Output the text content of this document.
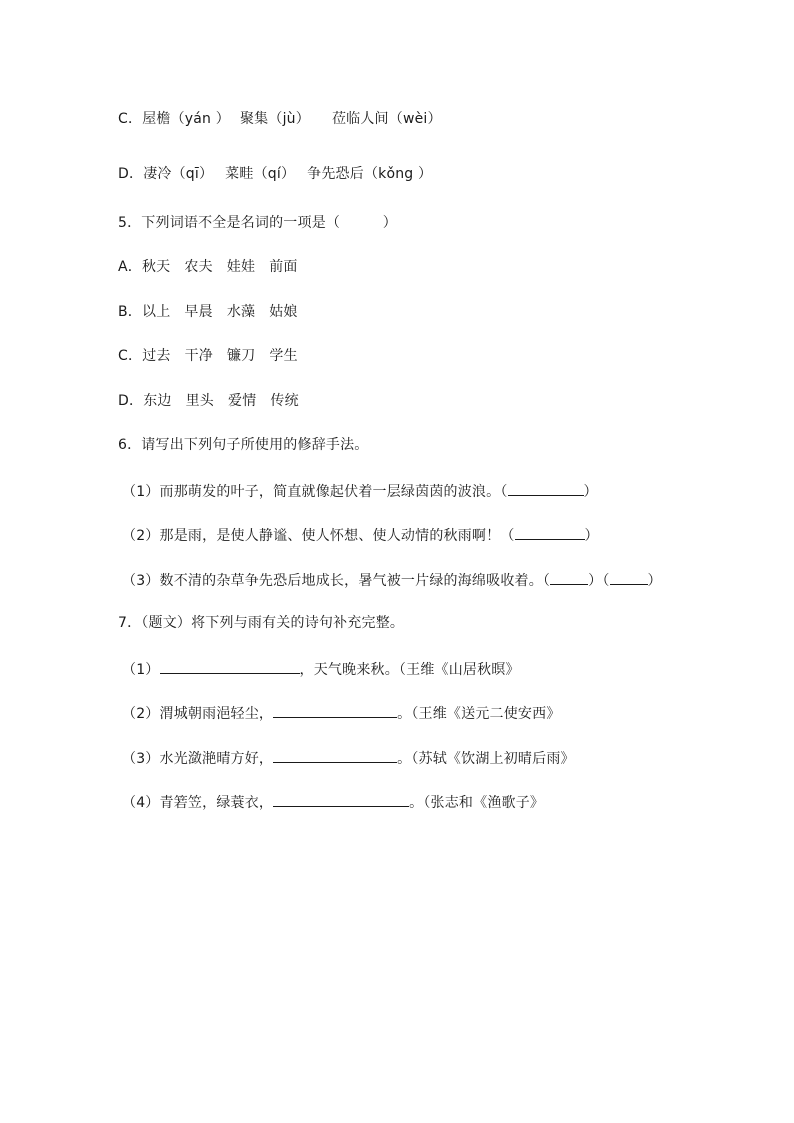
C．屋檐（yán ） 聚集（jù） 莅临人间（wèi）
D．凄冷（qī） 菜畦（qí） 争先恐后（kǒng ）
5．下列词语不全是名词的一项是（　　　）
A．秋天 农夫 娃娃 前面
B．以上 早晨 水藻 姑娘
C．过去 干净 镰刀 学生
D．东边 里头 爱情 传统
6．请写出下列句子所使用的修辞手法。
（1）而那萌发的叶子，简直就像起伏着一层绿茵茵的波浪。（	）
（2）那是雨，是使人静谧、使人怀想、使人动情的秋雨啊！（	）
（3）数不清的杂草争先恐后地成长，暑气被一片绿的海绵吸收着。（	）（	）
7．（题文）将下列与雨有关的诗句补充完整。
（1）	，天气晚来秋。（王维《山居秋暝》
（2）渭城朝雨浥轻尘，	。（王维《送元二使安西》
（3）水光潋滟晴方好，	。（苏轼《饮湖上初晴后雨》
（4）青箬笠，绿蓑衣，	。（张志和《渔歌子》
